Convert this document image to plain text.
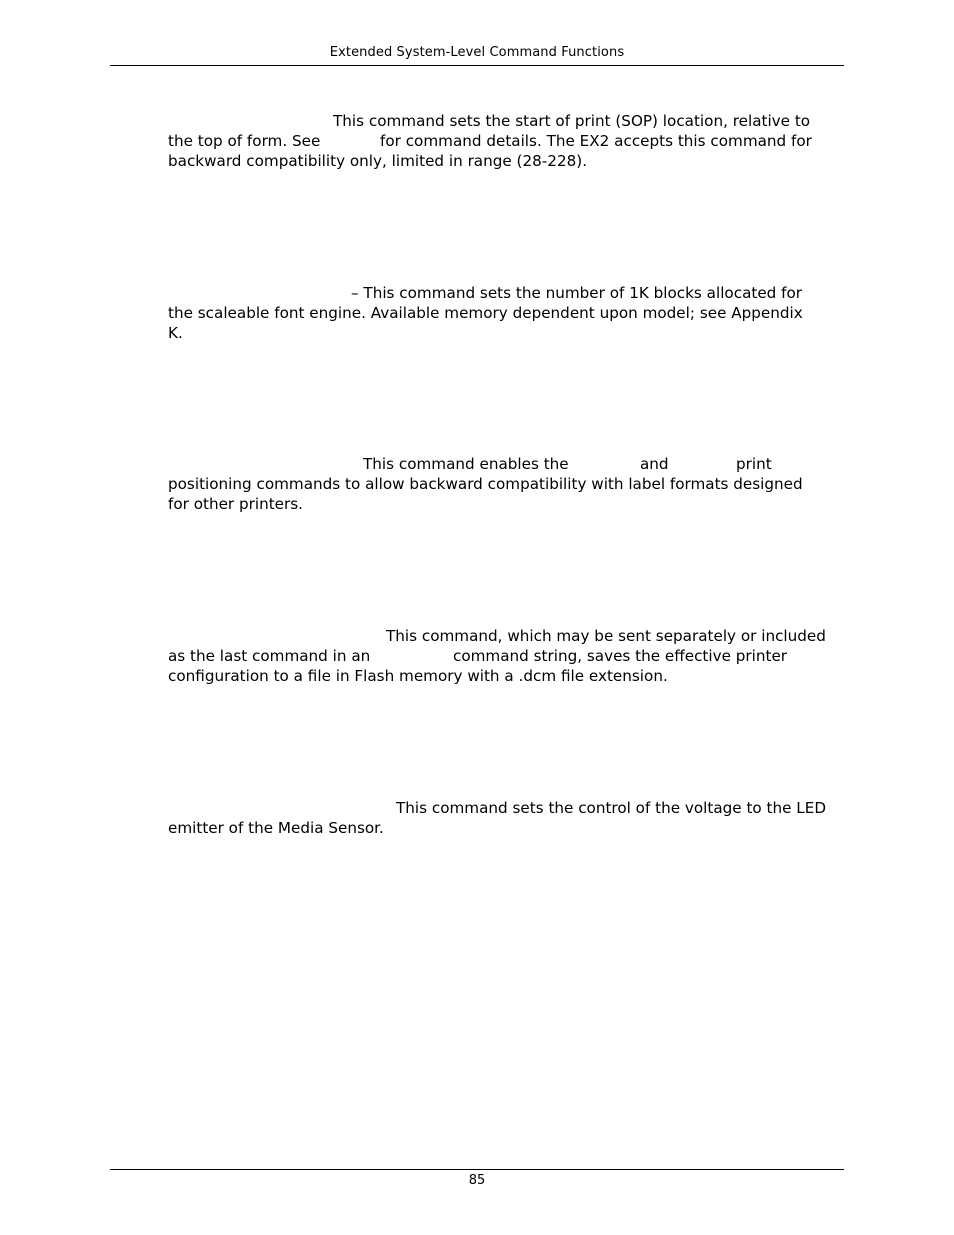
Extended System-Level Command Functions

This command sets the start of print (SOP) location, relative to

the top of form. See

	for command details. The EX2 accepts this command for

backward compatibility only, limited in range (28-228).

– This command sets the number of 1K blocks allocated for

the scaleable font engine. Available memory dependent upon model; see Appendix

K.

This command enables the

	and

	print

positioning commands to allow backward compatibility with label formats designed

for other printers.

This command, which may be sent separately or included

as the last command in an

	command string, saves the effective printer

configuration to a file in Flash memory with a .dcm file extension.

This command sets the control of the voltage to the LED

emitter of the Media Sensor.

85
